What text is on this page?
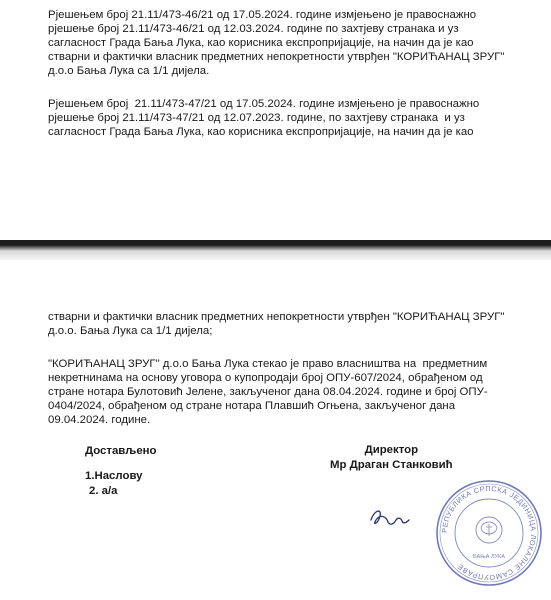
Рјешењем број 21.11/473-46/21 од 17.05.2024. године измјењено је правоснажно
рјешење број 21.11/473-46/21 од 12.03.2024. године по захтјеву странака и уз
сагласност Града Бања Лука, као корисника експропријације, на начин да је као
стварни и фактички власник предметних непокретности утврђен "КОРИЋАНАЦ ЗРУГ"
д.о.о Бања Лука са 1/1 дијела.
Рјешењем број  21.11/473-47/21 од 17.05.2024. године измјењено је правоснажно
рјешење број 21.11/473-47/21 од 12.07.2023. године, по захтјеву странака  и уз
сагласност Града Бања Лука, као корисника експропријације, на начин да је као
стварни и фактички власник предметних непокретности утврђен "КОРИЋАНАЦ ЗРУГ"
д.о.о. Бања Лука са 1/1 дијела;
"КОРИЋАНАЦ ЗРУГ" д.о.о Бања Лука стекао је право власништва на  предметним
некретнинама на основу уговора о купопродаји број ОПУ-607/2024, обрађеном од
стране нотара Булотовић Јелене, закљученог дана 08.04.2024. године и број ОПУ-
0404/2024, обрађеном од стране нотара Плавшић Огњена, закљученог дана
09.04.2024. године.
Достављено
1.Наслову
2. а/а
Директор
Мр Драган Станковић
РЕПУБЛИКА СРПСКА ЈЕДИНИЦА ЛОКАЛНЕ САМОУПРАВЕ
БАЊА ЛУКА
